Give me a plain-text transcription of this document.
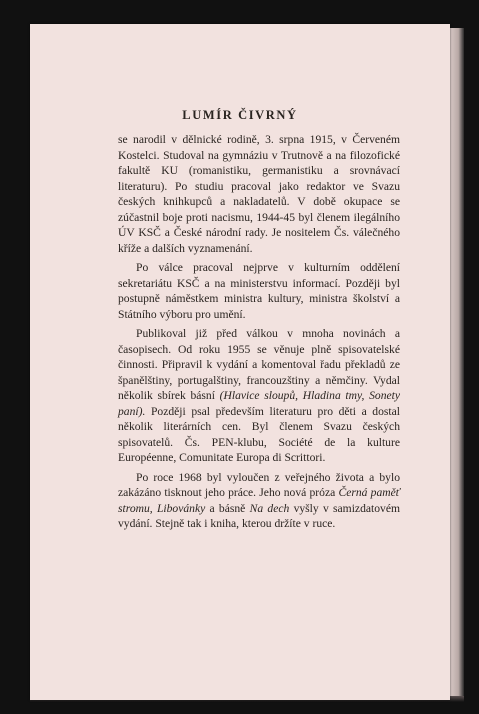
LUMÍR ČIVRNÝ

se narodil v dělnické rodině, 3. srpna 1915, v Červeném Kostelci. Studoval na gymnáziu v Trutnově a na filozofické fakultě KU (romanistiku, germanistiku a srovnávací literaturu). Po studiu pracoval jako redaktor ve Svazu českých knihkupců a nakladatelů. V době okupace se zúčastnil boje proti nacismu, 1944-45 byl členem ilegálního ÚV KSČ a České národní rady. Je nositelem Čs. válečného kříže a dalších vyznamenání.

Po válce pracoval nejprve v kulturním oddělení sekretariátu KSČ a na ministerstvu informací. Později byl postupně náměstkem ministra kultury, ministra školství a Státního výboru pro umění.

Publikoval již před válkou v mnoha novinách a časopisech. Od roku 1955 se věnuje plně spisovatelské činnosti. Připravil k vydání a komentoval řadu překladů ze španělštiny, portugalštiny, francouzštiny a němčiny. Vydal několik sbírek básní (Hlavice sloupů, Hladina tmy, Sonety paní). Později psal především literaturu pro děti a dostal několik literárních cen. Byl členem Svazu českých spisovatelů. Čs. PEN-klubu, Société de la kulture Européenne, Comunitate Europa di Scrittori.

Po roce 1968 byl vyloučen z veřejného života a bylo zakázáno tisknout jeho práce. Jeho nová próza Černá paměť stromu, Libovánky a básně Na dech vyšly v samizdatovém vydání. Stejně tak i kniha, kterou držíte v ruce.
